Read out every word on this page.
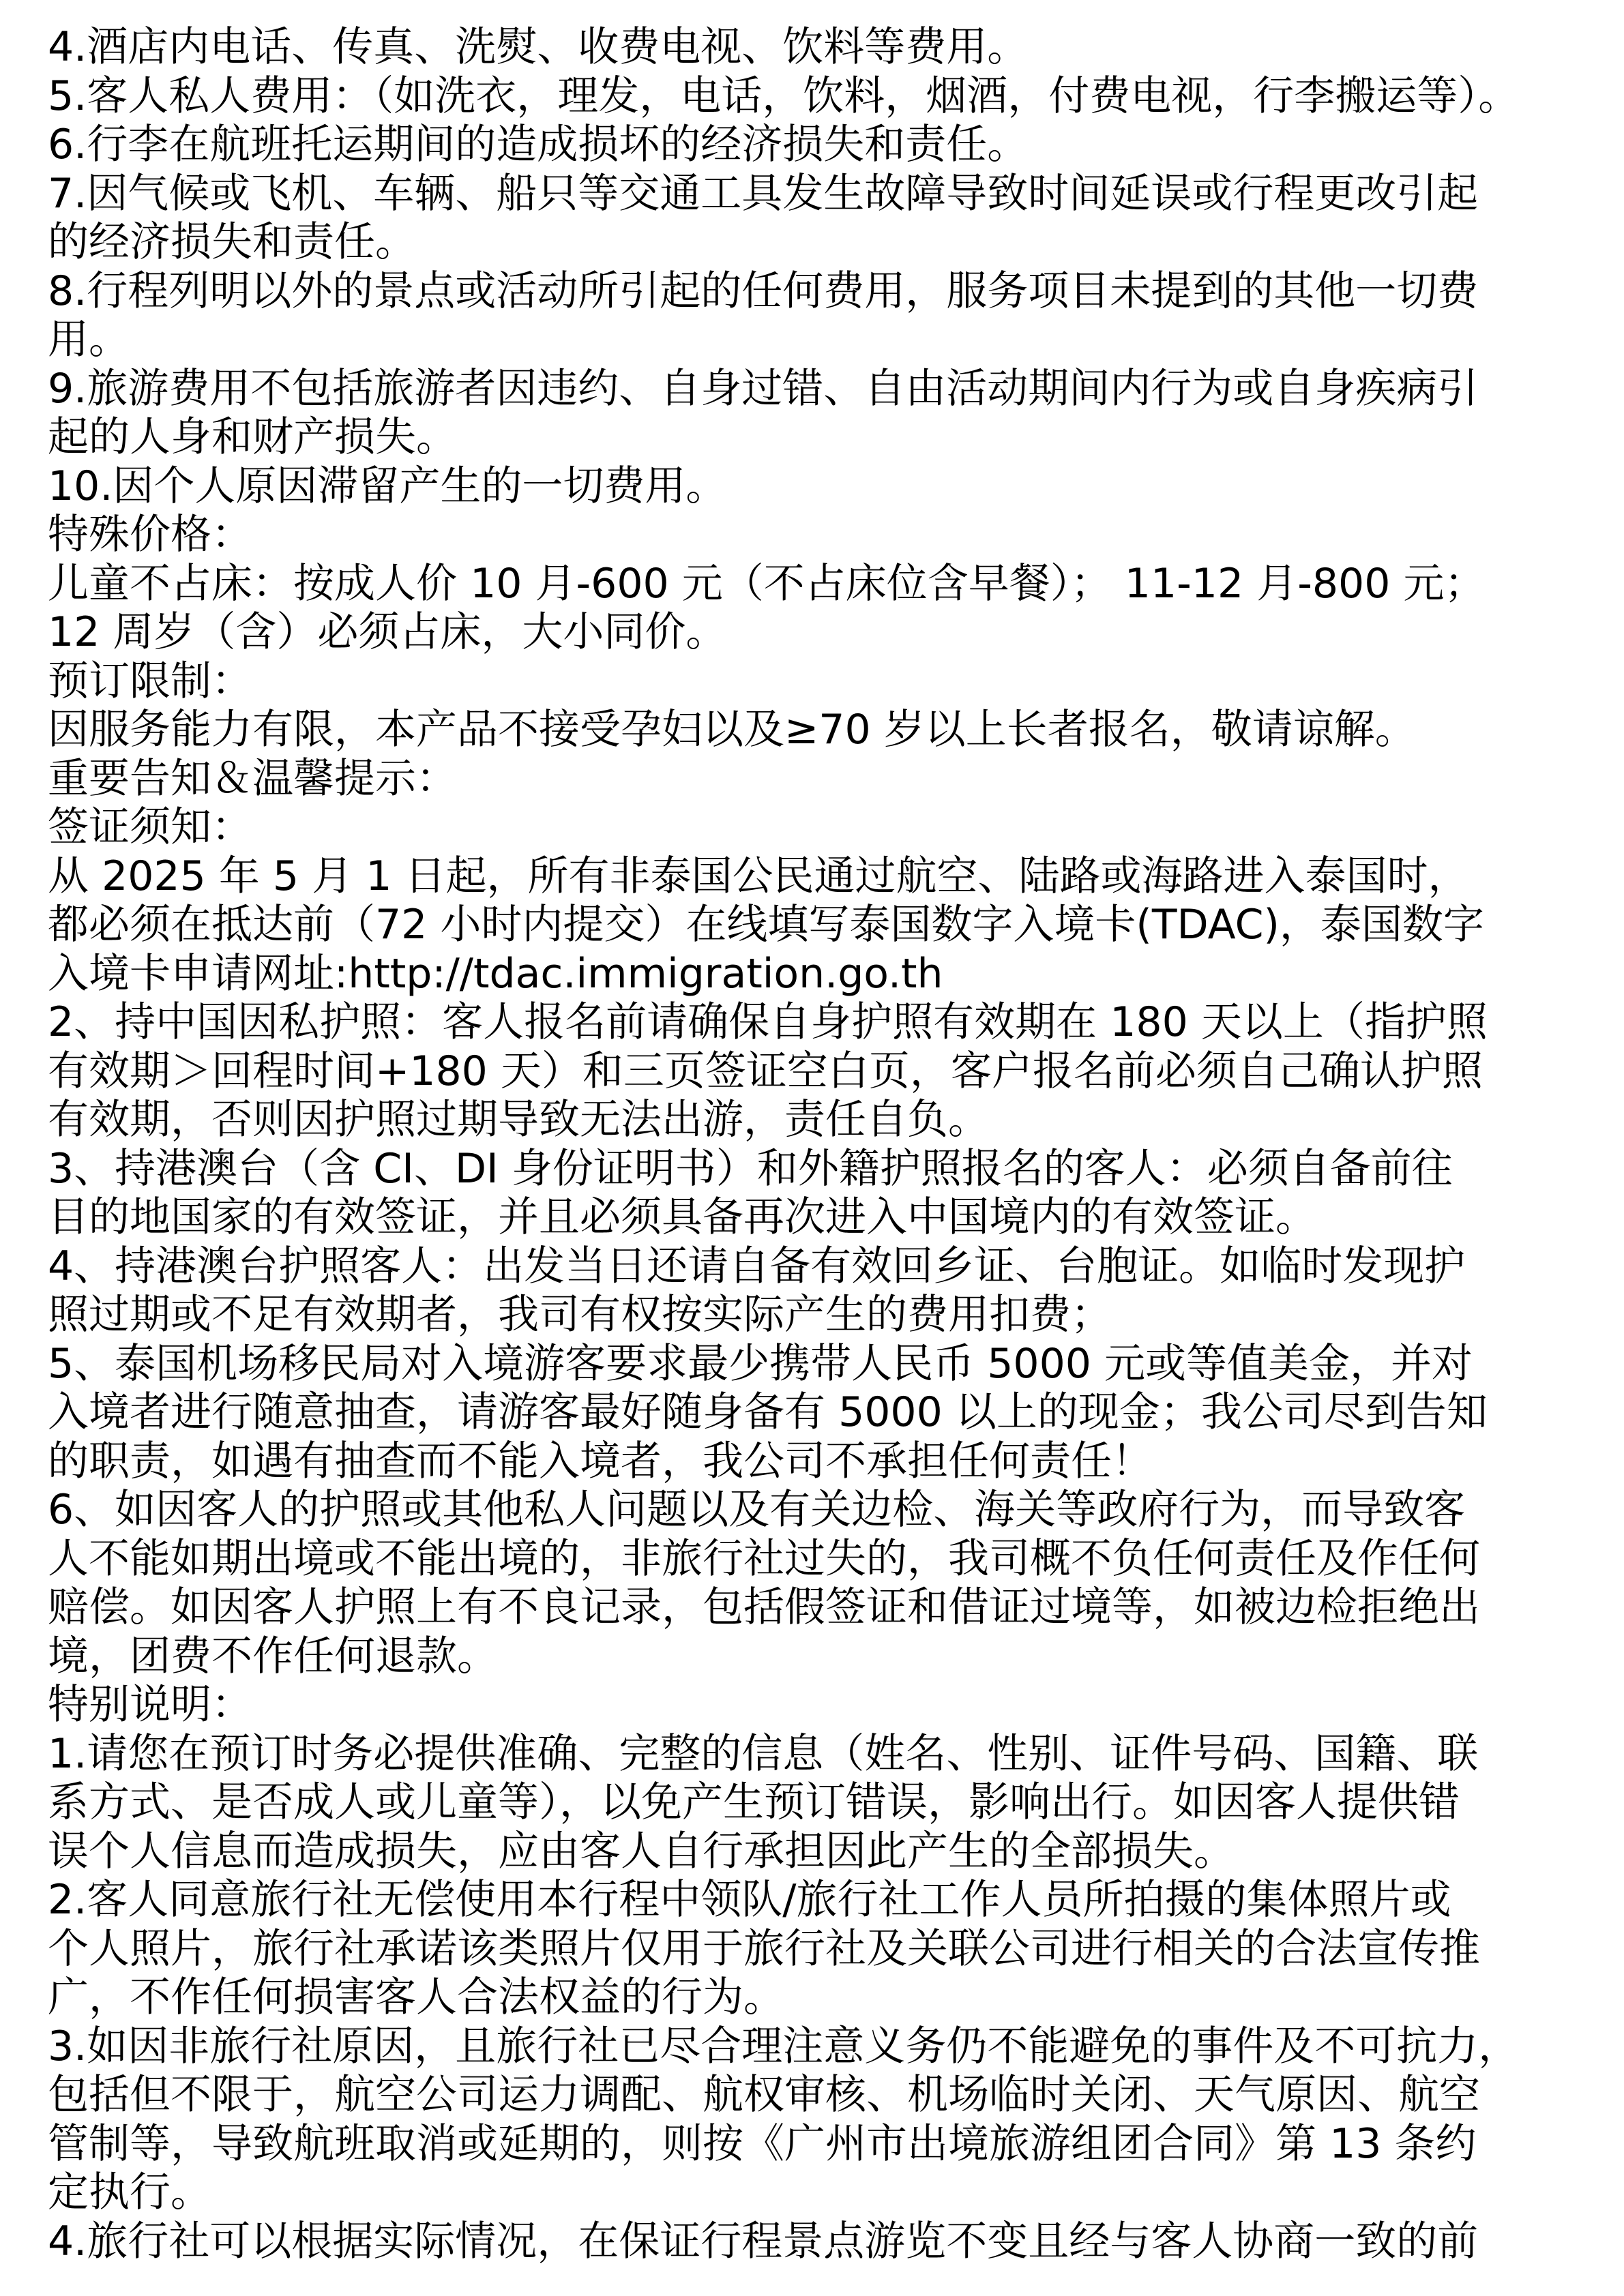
4.酒店内电话、传真、洗熨、收费电视、饮料等费用。
5.客人私人费用：（如洗衣，理发，电话，饮料，烟酒，付费电视，行李搬运等）。
6.行李在航班托运期间的造成损坏的经济损失和责任。
7.因气候或飞机、车辆、船只等交通工具发生故障导致时间延误或行程更改引起
的经济损失和责任。
8.行程列明以外的景点或活动所引起的任何费用，服务项目未提到的其他一切费
用。
9.旅游费用不包括旅游者因违约、自身过错、自由活动期间内行为或自身疾病引
起的人身和财产损失。
10.因个人原因滞留产生的一切费用。
特殊价格：
儿童不占床：按成人价 10 月-600 元（不占床位含早餐）； 11-12 月-800 元；
12 周岁（含）必须占床，大小同价。
预订限制：
因服务能力有限，本产品不接受孕妇以及≥70 岁以上长者报名，敬请谅解。
重要告知＆温馨提示：
签证须知：
从 2025 年 5 月 1 日起，所有非泰国公民通过航空、陆路或海路进入泰国时，
都必须在抵达前（72 小时内提交）在线填写泰国数字入境卡(TDAC)，泰国数字
入境卡申请网址:http://tdac.immigration.go.th
2、持中国因私护照：客人报名前请确保自身护照有效期在 180 天以上（指护照
有效期＞回程时间+180 天）和三页签证空白页，客户报名前必须自己确认护照
有效期，否则因护照过期导致无法出游，责任自负。
3、持港澳台（含 CI、DI 身份证明书）和外籍护照报名的客人：必须自备前往
目的地国家的有效签证，并且必须具备再次进入中国境内的有效签证。
4、持港澳台护照客人：出发当日还请自备有效回乡证、台胞证。如临时发现护
照过期或不足有效期者，我司有权按实际产生的费用扣费；
5、泰国机场移民局对入境游客要求最少携带人民币 5000 元或等值美金，并对
入境者进行随意抽查，请游客最好随身备有 5000 以上的现金；我公司尽到告知
的职责，如遇有抽查而不能入境者，我公司不承担任何责任！
6、如因客人的护照或其他私人问题以及有关边检、海关等政府行为，而导致客
人不能如期出境或不能出境的，非旅行社过失的，我司概不负任何责任及作任何
赔偿。如因客人护照上有不良记录，包括假签证和借证过境等，如被边检拒绝出
境，团费不作任何退款。
特别说明：
1.请您在预订时务必提供准确、完整的信息（姓名、性别、证件号码、国籍、联
系方式、是否成人或儿童等），以免产生预订错误，影响出行。如因客人提供错
误个人信息而造成损失，应由客人自行承担因此产生的全部损失。
2.客人同意旅行社无偿使用本行程中领队/旅行社工作人员所拍摄的集体照片或
个人照片，旅行社承诺该类照片仅用于旅行社及关联公司进行相关的合法宣传推
广，不作任何损害客人合法权益的行为。
3.如因非旅行社原因，且旅行社已尽合理注意义务仍不能避免的事件及不可抗力，
包括但不限于，航空公司运力调配、航权审核、机场临时关闭、天气原因、航空
管制等，导致航班取消或延期的，则按《广州市出境旅游组团合同》第 13 条约
定执行。
4.旅行社可以根据实际情况，在保证行程景点游览不变且经与客人协商一致的前
